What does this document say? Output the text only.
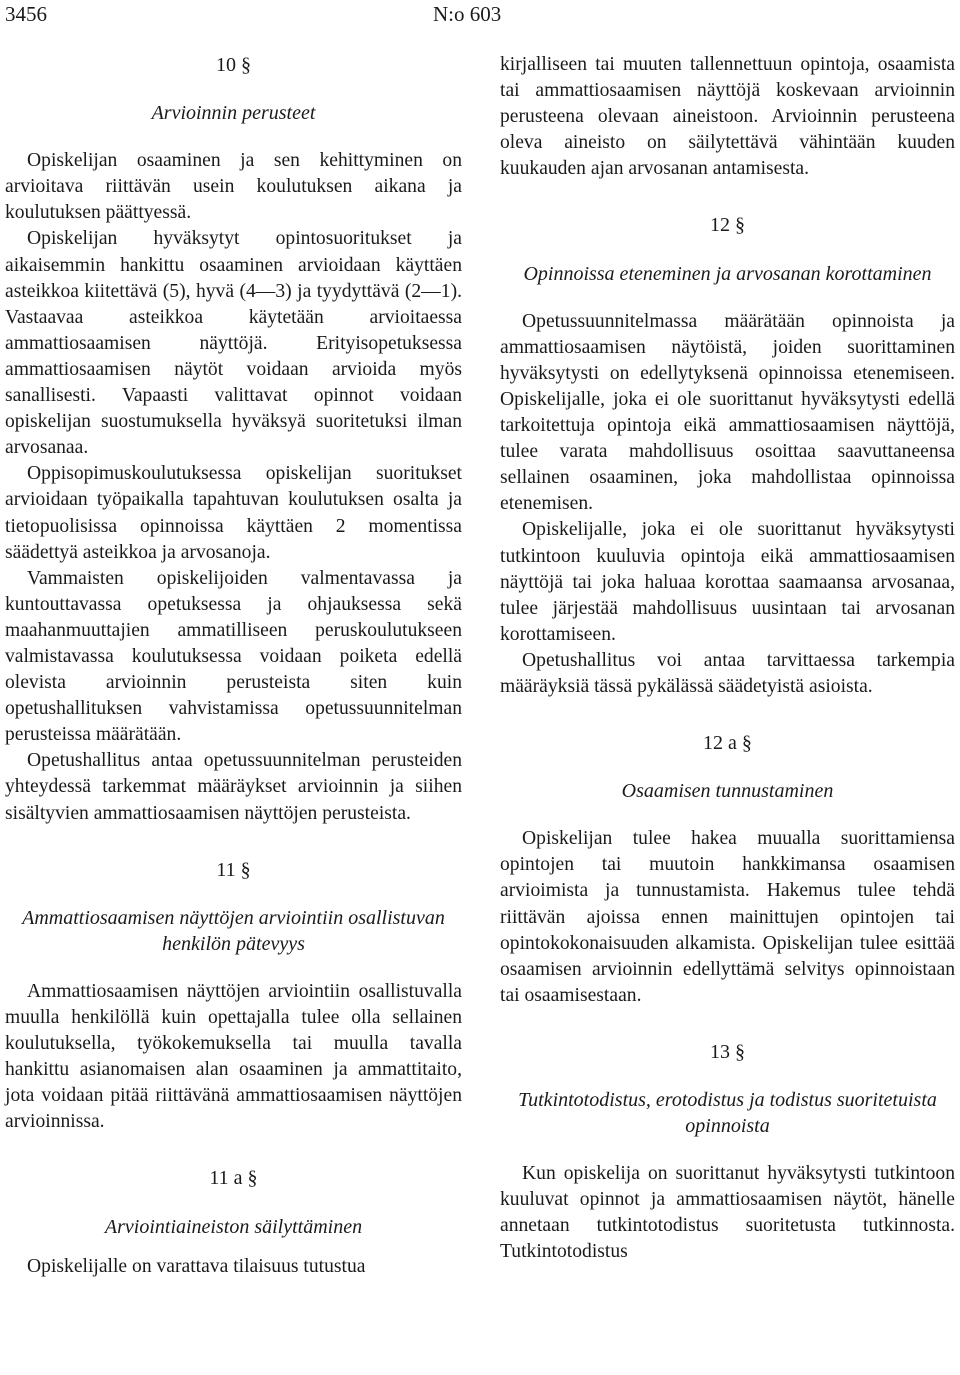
3456	N:o 603
10 §
Arvioinnin perusteet

Opiskelijan osaaminen ja sen kehittyminen on arvioitava riittävän usein koulutuksen aikana ja koulutuksen päättyessä.

Opiskelijan hyväksytyt opintosuoritukset ja aikaisemmin hankittu osaaminen arvioidaan käyttäen asteikkoa kiitettävä (5), hyvä (4—3) ja tyydyttävä (2—1). Vastaavaa asteikkoa käytetään arvioitaessa ammattiosaamisen näyttöjä. Erityisopetuksessa ammattiosaamisen näytöt voidaan arvioida myös sanallisesti. Vapaasti valittavat opinnot voidaan opiskelijan suostumuksella hyväksyä suoritetuksi ilman arvosanaa.

Oppisopimuskoulutuksessa opiskelijan suoritukset arvioidaan työpaikalla tapahtuvan koulutuksen osalta ja tietopuolisissa opinnoissa käyttäen 2 momentissa säädettyä asteikkoa ja arvosanoja.

Vammaisten opiskelijoiden valmentavassa ja kuntouttavassa opetuksessa ja ohjauksessa sekä maahanmuuttajien ammatilliseen peruskoulutukseen valmistavassa koulutuksessa voidaan poiketa edellä olevista arvioinnin perusteista siten kuin opetushallituksen vahvistamissa opetussuunnitelman perusteissa määrätään.

Opetushallitus antaa opetussuunnitelman perusteiden yhteydessä tarkemmat määräykset arvioinnin ja siihen sisältyvien ammattiosaamisen näyttöjen perusteista.

11 §
Ammattiosaamisen näyttöjen arviointiin osallistuvan henkilön pätevyys

Ammattiosaamisen näyttöjen arviointiin osallistuvalla muulla henkilöllä kuin opettajalla tulee olla sellainen koulutuksella, työkokemuksella tai muulla tavalla hankittu asianomaisen alan osaaminen ja ammattitaito, jota voidaan pitää riittävänä ammattiosaamisen näyttöjen arvioinnissa.

11 a §
Arviointiaineiston säilyttäminen

Opiskelijalle on varattava tilaisuus tutustua

kirjalliseen tai muuten tallennettuun opintoja, osaamista tai ammattiosaamisen näyttöjä koskevaan arvioinnin perusteena olevaan aineistoon. Arvioinnin perusteena oleva aineisto on säilytettävä vähintään kuuden kuukauden ajan arvosanan antamisesta.

12 §
Opinnoissa eteneminen ja arvosanan korottaminen

Opetussuunnitelmassa määrätään opinnoista ja ammattiosaamisen näytöistä, joiden suorittaminen hyväksytysti on edellytyksenä opinnoissa etenemiseen. Opiskelijalle, joka ei ole suorittanut hyväksytysti edellä tarkoitettuja opintoja eikä ammattiosaamisen näyttöjä, tulee varata mahdollisuus osoittaa saavuttaneensa sellainen osaaminen, joka mahdollistaa opinnoissa etenemisen.

Opiskelijalle, joka ei ole suorittanut hyväksytysti tutkintoon kuuluvia opintoja eikä ammattiosaamisen näyttöjä tai joka haluaa korottaa saamaansa arvosanaa, tulee järjestää mahdollisuus uusintaan tai arvosanan korottamiseen.

Opetushallitus voi antaa tarvittaessa tarkempia määräyksiä tässä pykälässä säädetyistä asioista.

12 a §
Osaamisen tunnustaminen

Opiskelijan tulee hakea muualla suorittamiensa opintojen tai muutoin hankkimansa osaamisen arvioimista ja tunnustamista. Hakemus tulee tehdä riittävän ajoissa ennen mainittujen opintojen tai opintokokonaisuuden alkamista. Opiskelijan tulee esittää osaamisen arvioinnin edellyttämä selvitys opinnoistaan tai osaamisestaan.

13 §
Tutkintotodistus, erotodistus ja todistus suoritetuista opinnoista

Kun opiskelija on suorittanut hyväksytysti tutkintoon kuuluvat opinnot ja ammattiosaamisen näytöt, hänelle annetaan tutkintotodistus suoritetusta tutkinnosta. Tutkintotodistus
